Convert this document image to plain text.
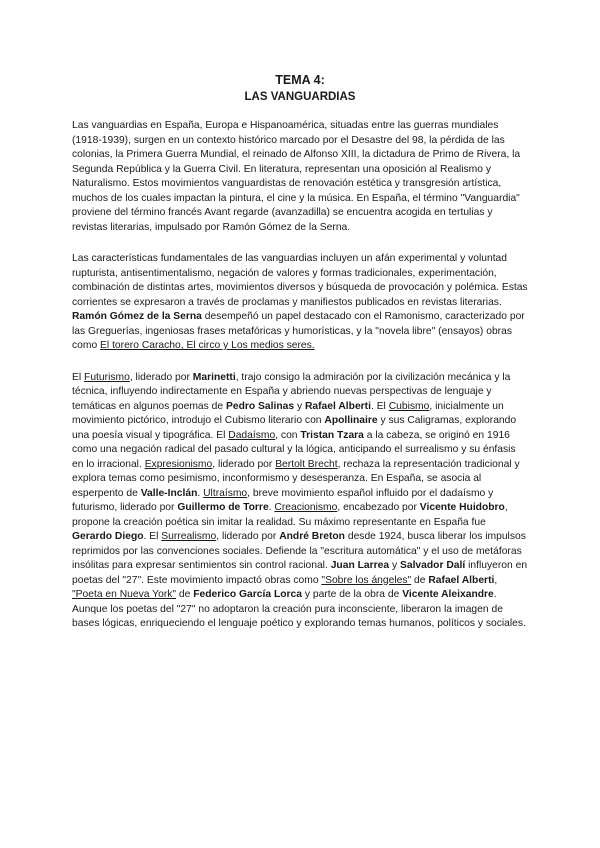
TEMA 4:
LAS VANGUARDIAS

Las vanguardias en España, Europa e Hispanoamérica, situadas entre las guerras mundiales (1918-1939), surgen en un contexto histórico marcado por el Desastre del 98, la pérdida de las colonias, la Primera Guerra Mundial, el reinado de Alfonso XIII, la dictadura de Primo de Rivera, la Segunda República y la Guerra Civil. En literatura, representan una oposición al Realismo y Naturalismo. Estos movimientos vanguardistas de renovación estética y transgresión artística, muchos de los cuales impactan la pintura, el cine y la música. En España, el término "Vanguardia" proviene del término francés Avant regarde (avanzadilla) se encuentra acogida en tertulias y revistas literarias, impulsado por Ramón Gómez de la Serna.

Las características fundamentales de las vanguardias incluyen un afán experimental y voluntad rupturista, antisentimentalismo, negación de valores y formas tradicionales, experimentación, combinación de distintas artes, movimientos diversos y búsqueda de provocación y polémica. Estas corrientes se expresaron a través de proclamas y manifiestos publicados en revistas literarias. Ramón Gómez de la Serna desempeñó un papel destacado con el Ramonismo, caracterizado por las Greguerías, ingeniosas frases metafóricas y humorísticas, y la "novela libre" (ensayos) obras como El torero Caracho, El circo y Los medios seres.

El Futurismo, liderado por Marinetti, trajo consigo la admiración por la civilización mecánica y la técnica, influyendo indirectamente en España y abriendo nuevas perspectivas de lenguaje y temáticas en algunos poemas de Pedro Salinas y Rafael Alberti. El Cubismo, inicialmente un movimiento pictórico, introdujo el Cubismo literario con Apollinaire y sus Caligramas, explorando una poesía visual y tipográfica. El Dadaísmo, con Tristan Tzara a la cabeza, se originó en 1916 como una negación radical del pasado cultural y la lógica, anticipando el surrealismo y su énfasis en lo irracional. Expresionismo, liderado por Bertolt Brecht, rechaza la representación tradicional y explora temas como pesimismo, inconformismo y desesperanza. En España, se asocia al esperpento de Valle-Inclán. Ultraísmo, breve movimiento español influido por el dadaísmo y futurismo, liderado por Guillermo de Torre. Creacionismo, encabezado por Vicente Huidobro, propone la creación poética sin imitar la realidad. Su máximo representante en España fue Gerardo Diego. El Surrealismo, liderado por André Breton desde 1924, busca liberar los impulsos reprimidos por las convenciones sociales. Defiende la "escritura automática" y el uso de metáforas insólitas para expresar sentimientos sin control racional. Juan Larrea y Salvador Dalí influyeron en poetas del "27". Este movimiento impactó obras como "Sobre los ángeles" de Rafael Alberti, "Poeta en Nueva York" de Federico García Lorca y parte de la obra de Vicente Aleixandre. Aunque los poetas del "27" no adoptaron la creación pura inconsciente, liberaron la imagen de bases lógicas, enriqueciendo el lenguaje poético y explorando temas humanos, políticos y sociales.
